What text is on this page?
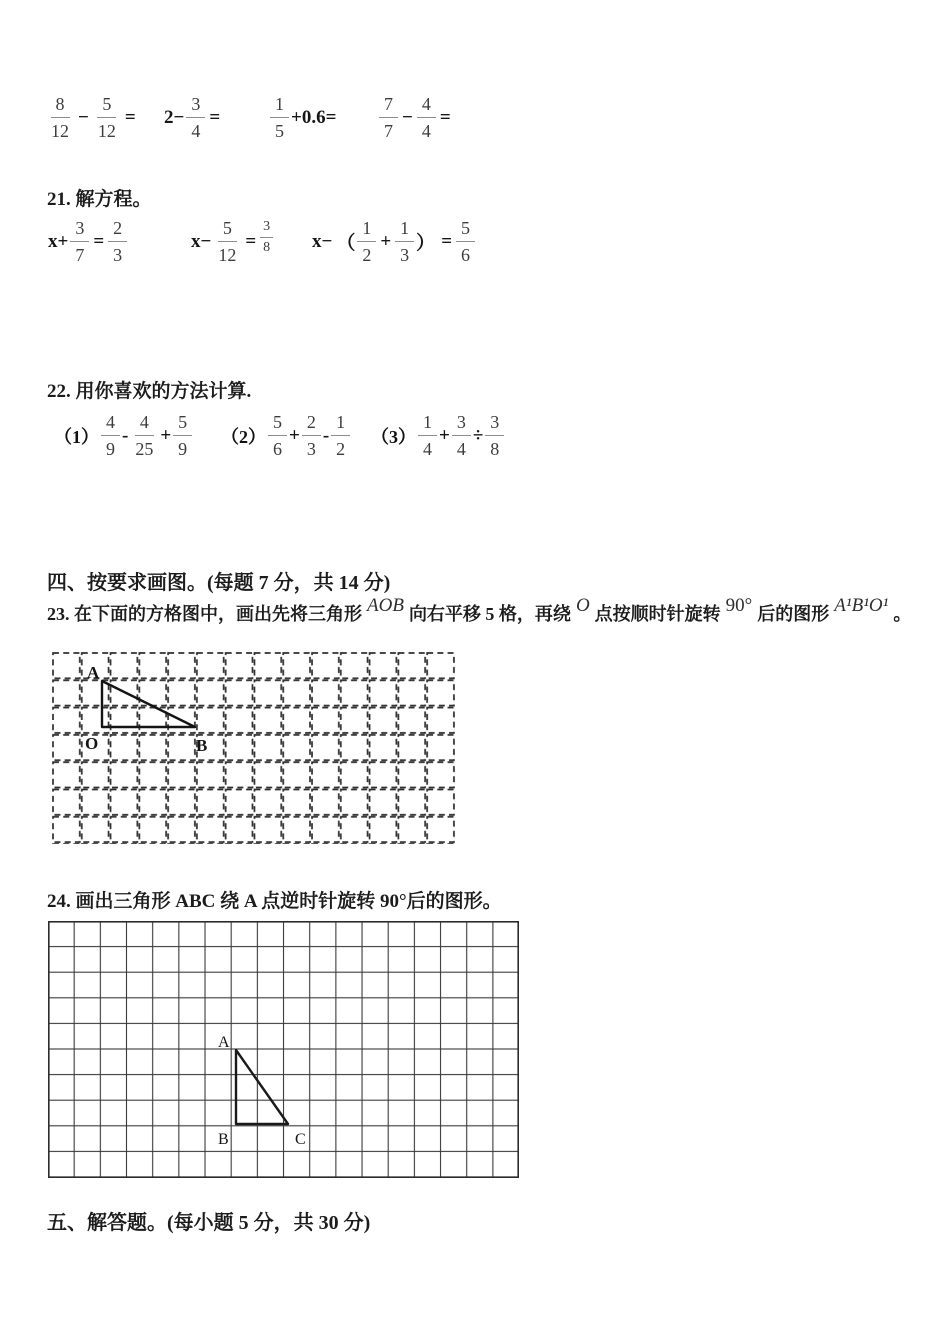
$\frac{8}{12} - \frac{5}{12} = 2- \frac{3}{4}$ =	$\frac{1}{5} +0.6= \frac{7}{7} - \frac{4}{4}$ =
21. 解方程。
$x+ \frac{3}{7} = \frac{2}{3}$	$x- \frac{5}{12} = \frac{3}{8} x-$ （ $\frac{1}{2} + \frac{1}{3}$ ） = $\frac{5}{6}$
22. 用你喜欢的方法计算.
$(1) \frac{4}{9} - \frac{4}{25} + \frac{5}{9} (2) \frac{5}{6} + \frac{2}{3} - \frac{1}{2} (3) \frac{1}{4} + \frac{3}{4} \div \frac{3}{8}$
四、按要求画图。(每题 7 分，共 14 分)
23. 在下面的方格图中，画出先将三角形 AOB 向右平移 5 格，再绕 O 点按顺时针旋转 90° 后的图形 A¹B¹O¹ 。
A
O	B
24. 画出三角形 ABC 绕 A 点逆时针旋转 90°后的图形。
A
B	C
五、解答题。(每小题 5 分，共 30 分)
